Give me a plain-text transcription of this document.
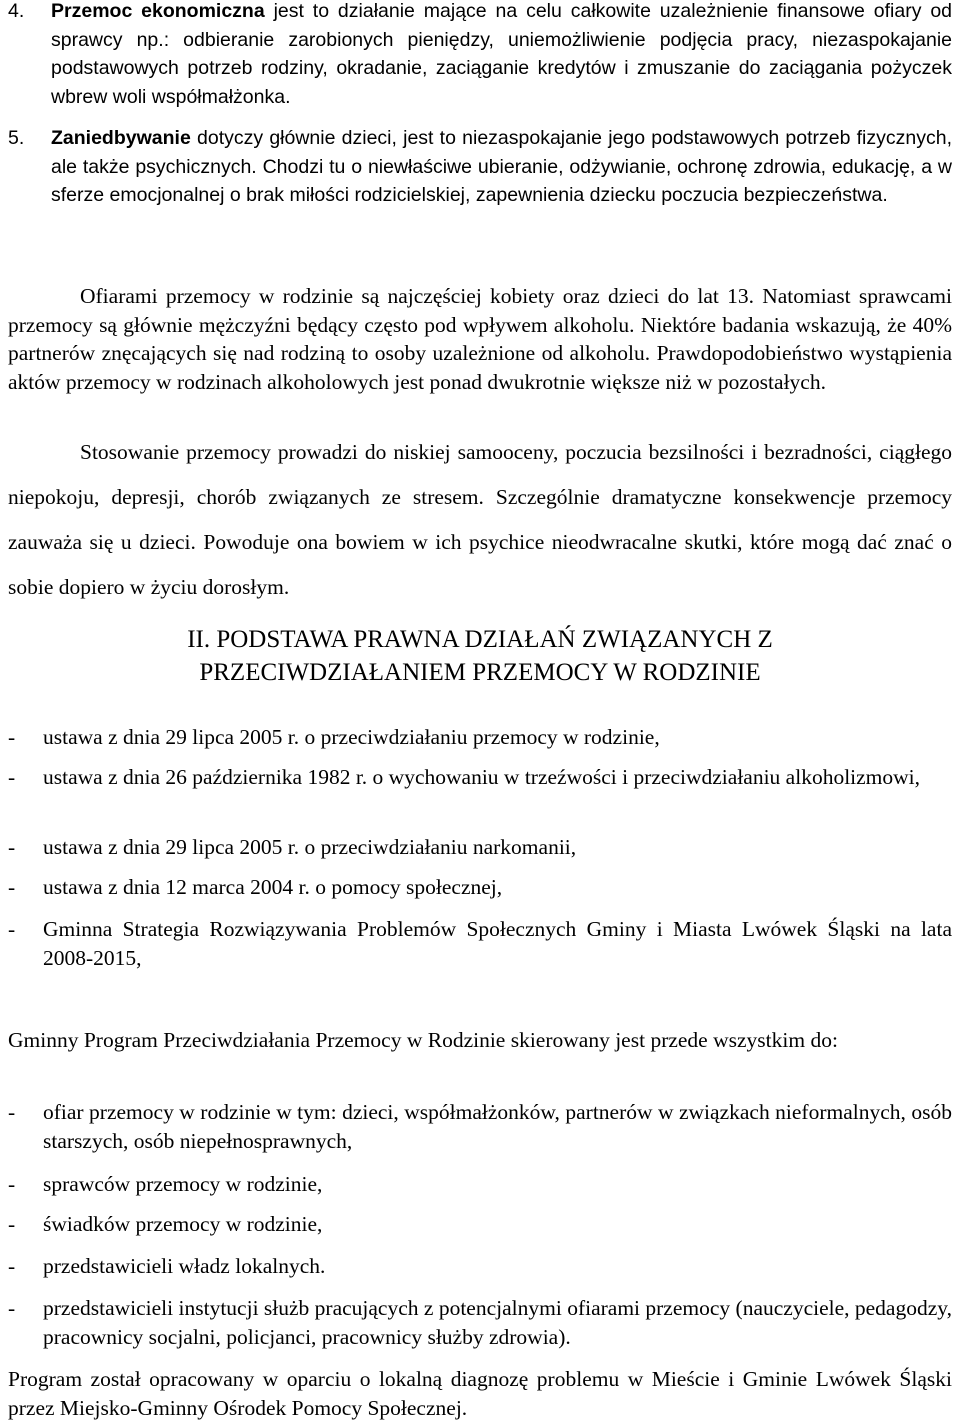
4. Przemoc ekonomiczna jest to działanie mające na celu całkowite uzależnienie finansowe ofiary od sprawcy np.: odbieranie zarobionych pieniędzy, uniemożliwienie podjęcia pracy, niezaspokajanie podstawowych potrzeb rodziny, okradanie, zaciąganie kredytów i zmuszanie do zaciągania pożyczek wbrew woli współmałżonka.
5. Zaniedbywanie dotyczy głównie dzieci, jest to niezaspokajanie jego podstawowych potrzeb fizycznych, ale także psychicznych. Chodzi tu o niewłaściwe ubieranie, odżywianie, ochronę zdrowia, edukację, a w sferze emocjonalnej o brak miłości rodzicielskiej, zapewnienia dziecku poczucia bezpieczeństwa.
Ofiarami przemocy w rodzinie są najczęściej kobiety oraz dzieci do lat 13. Natomiast sprawcami przemocy są głównie mężczyźni będący często pod wpływem alkoholu. Niektóre badania wskazują, że 40% partnerów znęcających się nad rodziną to osoby uzależnione od alkoholu. Prawdopodobieństwo wystąpienia aktów przemocy w rodzinach alkoholowych jest ponad dwukrotnie większe niż w pozostałych.
Stosowanie przemocy prowadzi do niskiej samooceny, poczucia bezsilności i bezradności, ciągłego niepokoju, depresji, chorób związanych ze stresem. Szczególnie dramatyczne konsekwencje przemocy zauważa się u dzieci. Powoduje ona bowiem w ich psychice nieodwracalne skutki, które mogą dać znać o sobie dopiero w życiu dorosłym.
II. PODSTAWA PRAWNA DZIAŁAŃ ZWIĄZANYCH Z
PRZECIWDZIAŁANIEM PRZEMOCY W RODZINIE
- ustawa z dnia 29 lipca 2005 r. o przeciwdziałaniu przemocy w rodzinie,
- ustawa z dnia 26 października 1982 r. o wychowaniu w trzeźwości i przeciwdziałaniu alkoholizmowi,
- ustawa z dnia 29 lipca 2005 r. o przeciwdziałaniu narkomanii,
- ustawa z dnia 12 marca 2004 r. o pomocy społecznej,
- Gminna Strategia Rozwiązywania Problemów Społecznych Gminy i Miasta Lwówek Śląski na lata 2008-2015,
Gminny Program Przeciwdziałania Przemocy w Rodzinie skierowany jest przede wszystkim do:
- ofiar przemocy w rodzinie w tym: dzieci, współmałżonków, partnerów w związkach nieformalnych, osób starszych, osób niepełnosprawnych,
- sprawców przemocy w rodzinie,
- świadków przemocy w rodzinie,
- przedstawicieli władz lokalnych.
- przedstawicieli instytucji służb pracujących z potencjalnymi ofiarami przemocy (nauczyciele, pedagodzy, pracownicy socjalni, policjanci, pracownicy służby zdrowia).
Program został opracowany w oparciu o lokalną diagnozę problemu w Mieście i Gminie Lwówek Śląski przez Miejsko-Gminny Ośrodek Pomocy Społecznej.
